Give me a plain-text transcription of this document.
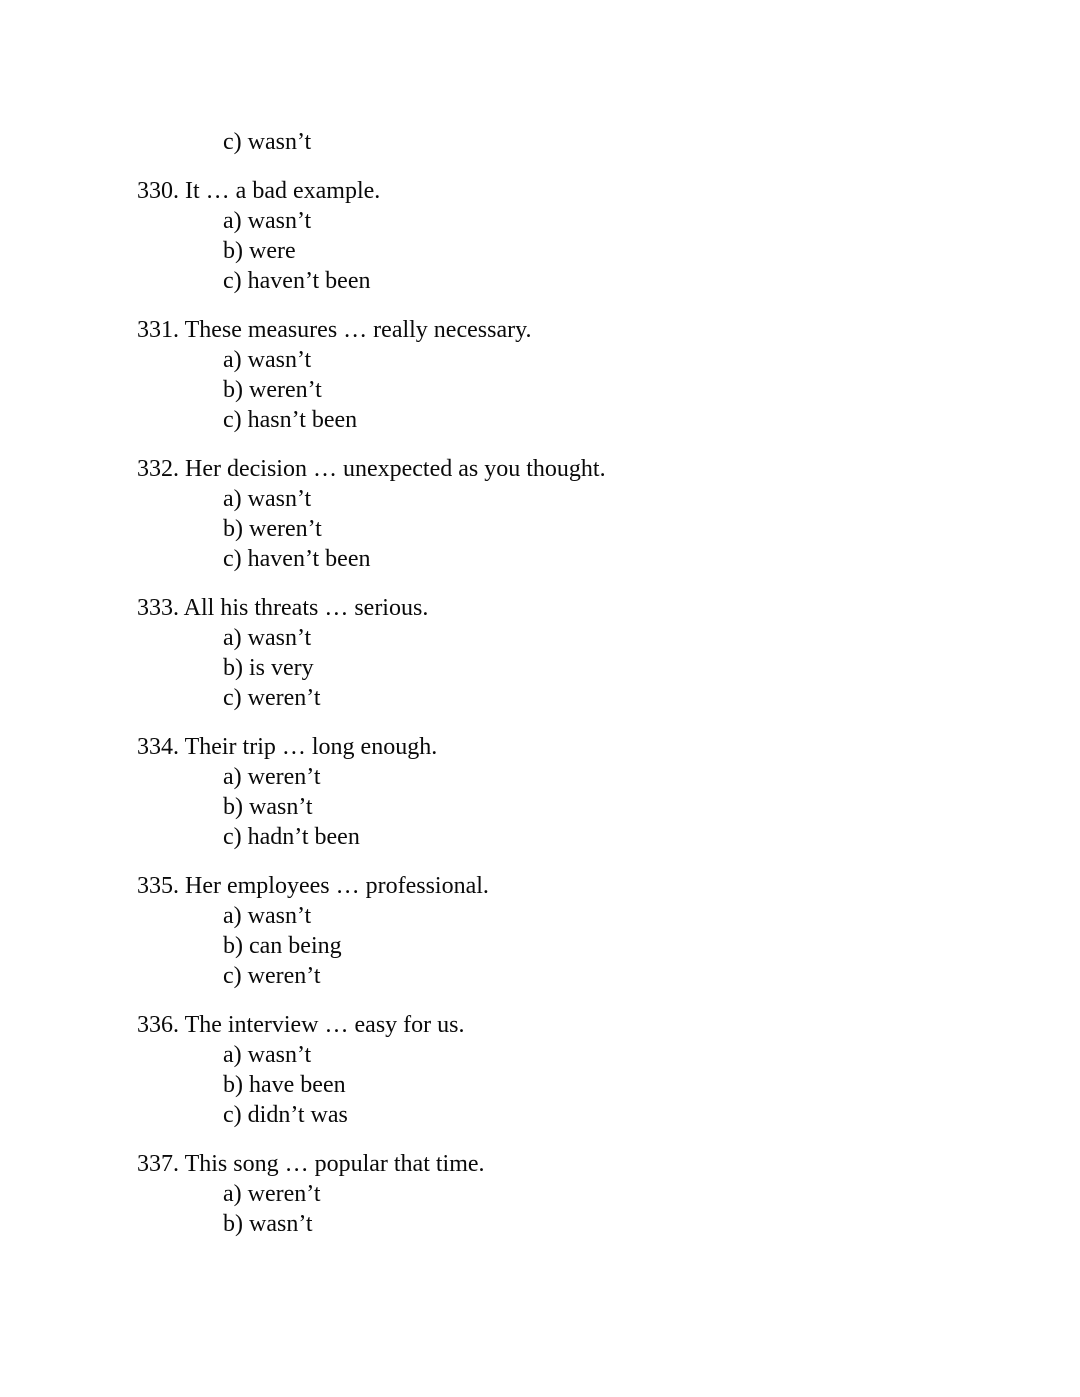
c) wasn’t
330. It … a bad example.
a) wasn’t
b) were
c) haven’t been
331. These measures … really necessary.
a) wasn’t
b) weren’t
c) hasn’t been
332. Her decision … unexpected as you thought.
a) wasn’t
b) weren’t
c) haven’t been
333. All his threats … serious.
a) wasn’t
b) is very
c) weren’t
334. Their trip … long enough.
a) weren’t
b) wasn’t
c) hadn’t been
335. Her employees … professional.
a) wasn’t
b) can being
c) weren’t
336. The interview … easy for us.
a) wasn’t
b) have been
c) didn’t was
337. This song … popular that time.
a) weren’t
b) wasn’t
